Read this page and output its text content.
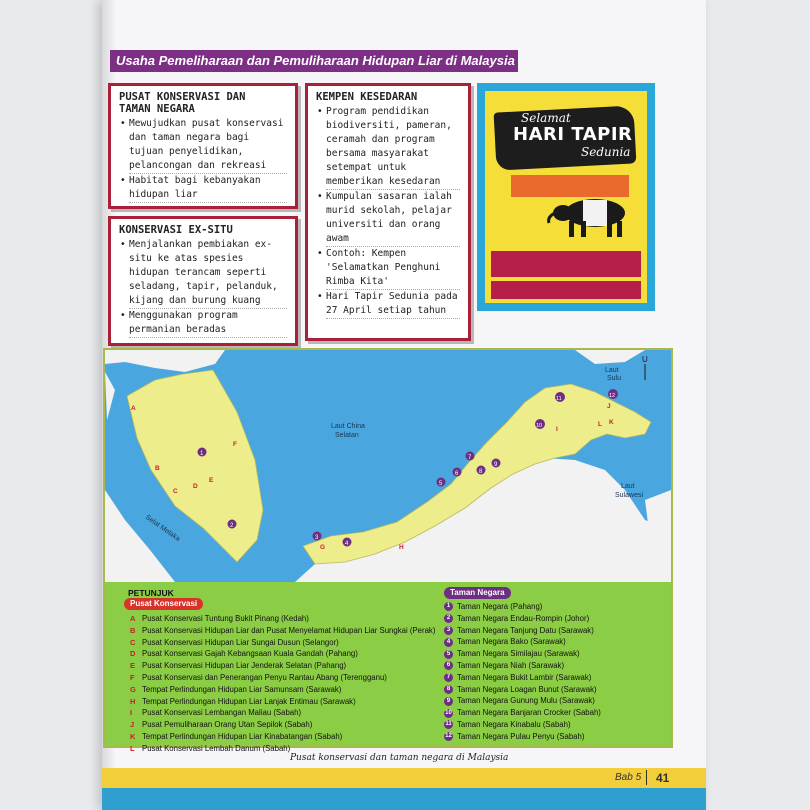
Usaha Pemeliharaan dan Pemuliharaan Hidupan Liar di Malaysia
PUSAT KONSERVASI DAN
TAMAN NEGARA
• Mewujudkan pusat konservasi dan taman negara bagi tujuan penyelidikan, pelancongan dan rekreasi
• Habitat bagi kebanyakan hidupan liar
KONSERVASI EX-SITU
• Menjalankan pembiakan ex-situ ke atas spesies hidupan terancam seperti seladang, tapir, pelanduk, kijang dan burung kuang
• Menggunakan program permanian beradas
KEMPEN KESEDARAN
• Program pendidikan biodiversiti, pameran, ceramah dan program bersama masyarakat setempat untuk memberikan kesedaran
• Kumpulan sasaran ialah murid sekolah, pelajar universiti dan orang awam
• Contoh: Kempen 'Selamatkan Penghuni Rimba Kita'
• Hari Tapir Sedunia pada 27 April setiap tahun
Selamat
HARI TAPIR
Sedunia
Laut China
Selatan
Selat Melaka
Laut
Sulu
Laut
Sulawesi
U
1
2
3
4
5
6
7
8
9
10
11	12
A
B
C
D
E
F
G	H
I
J
K
L
PETUNJUK
Pusat Konservasi
Taman Negara
A Pusat Konservasi Tuntung Bukit Pinang (Kedah)
B Pusat Konservasi Hidupan Liar dan Pusat Menyelamat Hidupan Liar Sungkai (Perak)
C Pusat Konservasi Hidupan Liar Sungai Dusun (Selangor)
D Pusat Konservasi Gajah Kebangsaan Kuala Gandah (Pahang)
E Pusat Konservasi Hidupan Liar Jenderak Selatan (Pahang)
F Pusat Konservasi dan Penerangan Penyu Rantau Abang (Terengganu)
G Tempat Perlindungan Hidupan Liar Samunsam (Sarawak)
H Tempat Perlindungan Hidupan Liar Lanjak Entimau (Sarawak)
I Pusat Konservasi Lembangan Maliau (Sabah)
J Pusat Pemuliharaan Orang Utan Sepilok (Sabah)
K Tempat Perlindungan Hidupan Liar Kinabatangan (Sabah)
L Pusat Konservasi Lembah Danum (Sabah)
1 Taman Negara (Pahang)
2 Taman Negara Endau-Rompin (Johor)
3 Taman Negara Tanjung Datu (Sarawak)
4 Taman Negara Bako (Sarawak)
5 Taman Negara Similajau (Sarawak)
6 Taman Negara Niah (Sarawak)
7 Taman Negara Bukit Lambir (Sarawak)
8 Taman Negara Loagan Bunut (Sarawak)
9 Taman Negara Gunung Mulu (Sarawak)
10 Taman Negara Banjaran Crocker (Sabah)
11 Taman Negara Kinabalu (Sabah)
12 Taman Negara Pulau Penyu (Sabah)
Pusat konservasi dan taman negara di Malaysia
Bab 5 41
